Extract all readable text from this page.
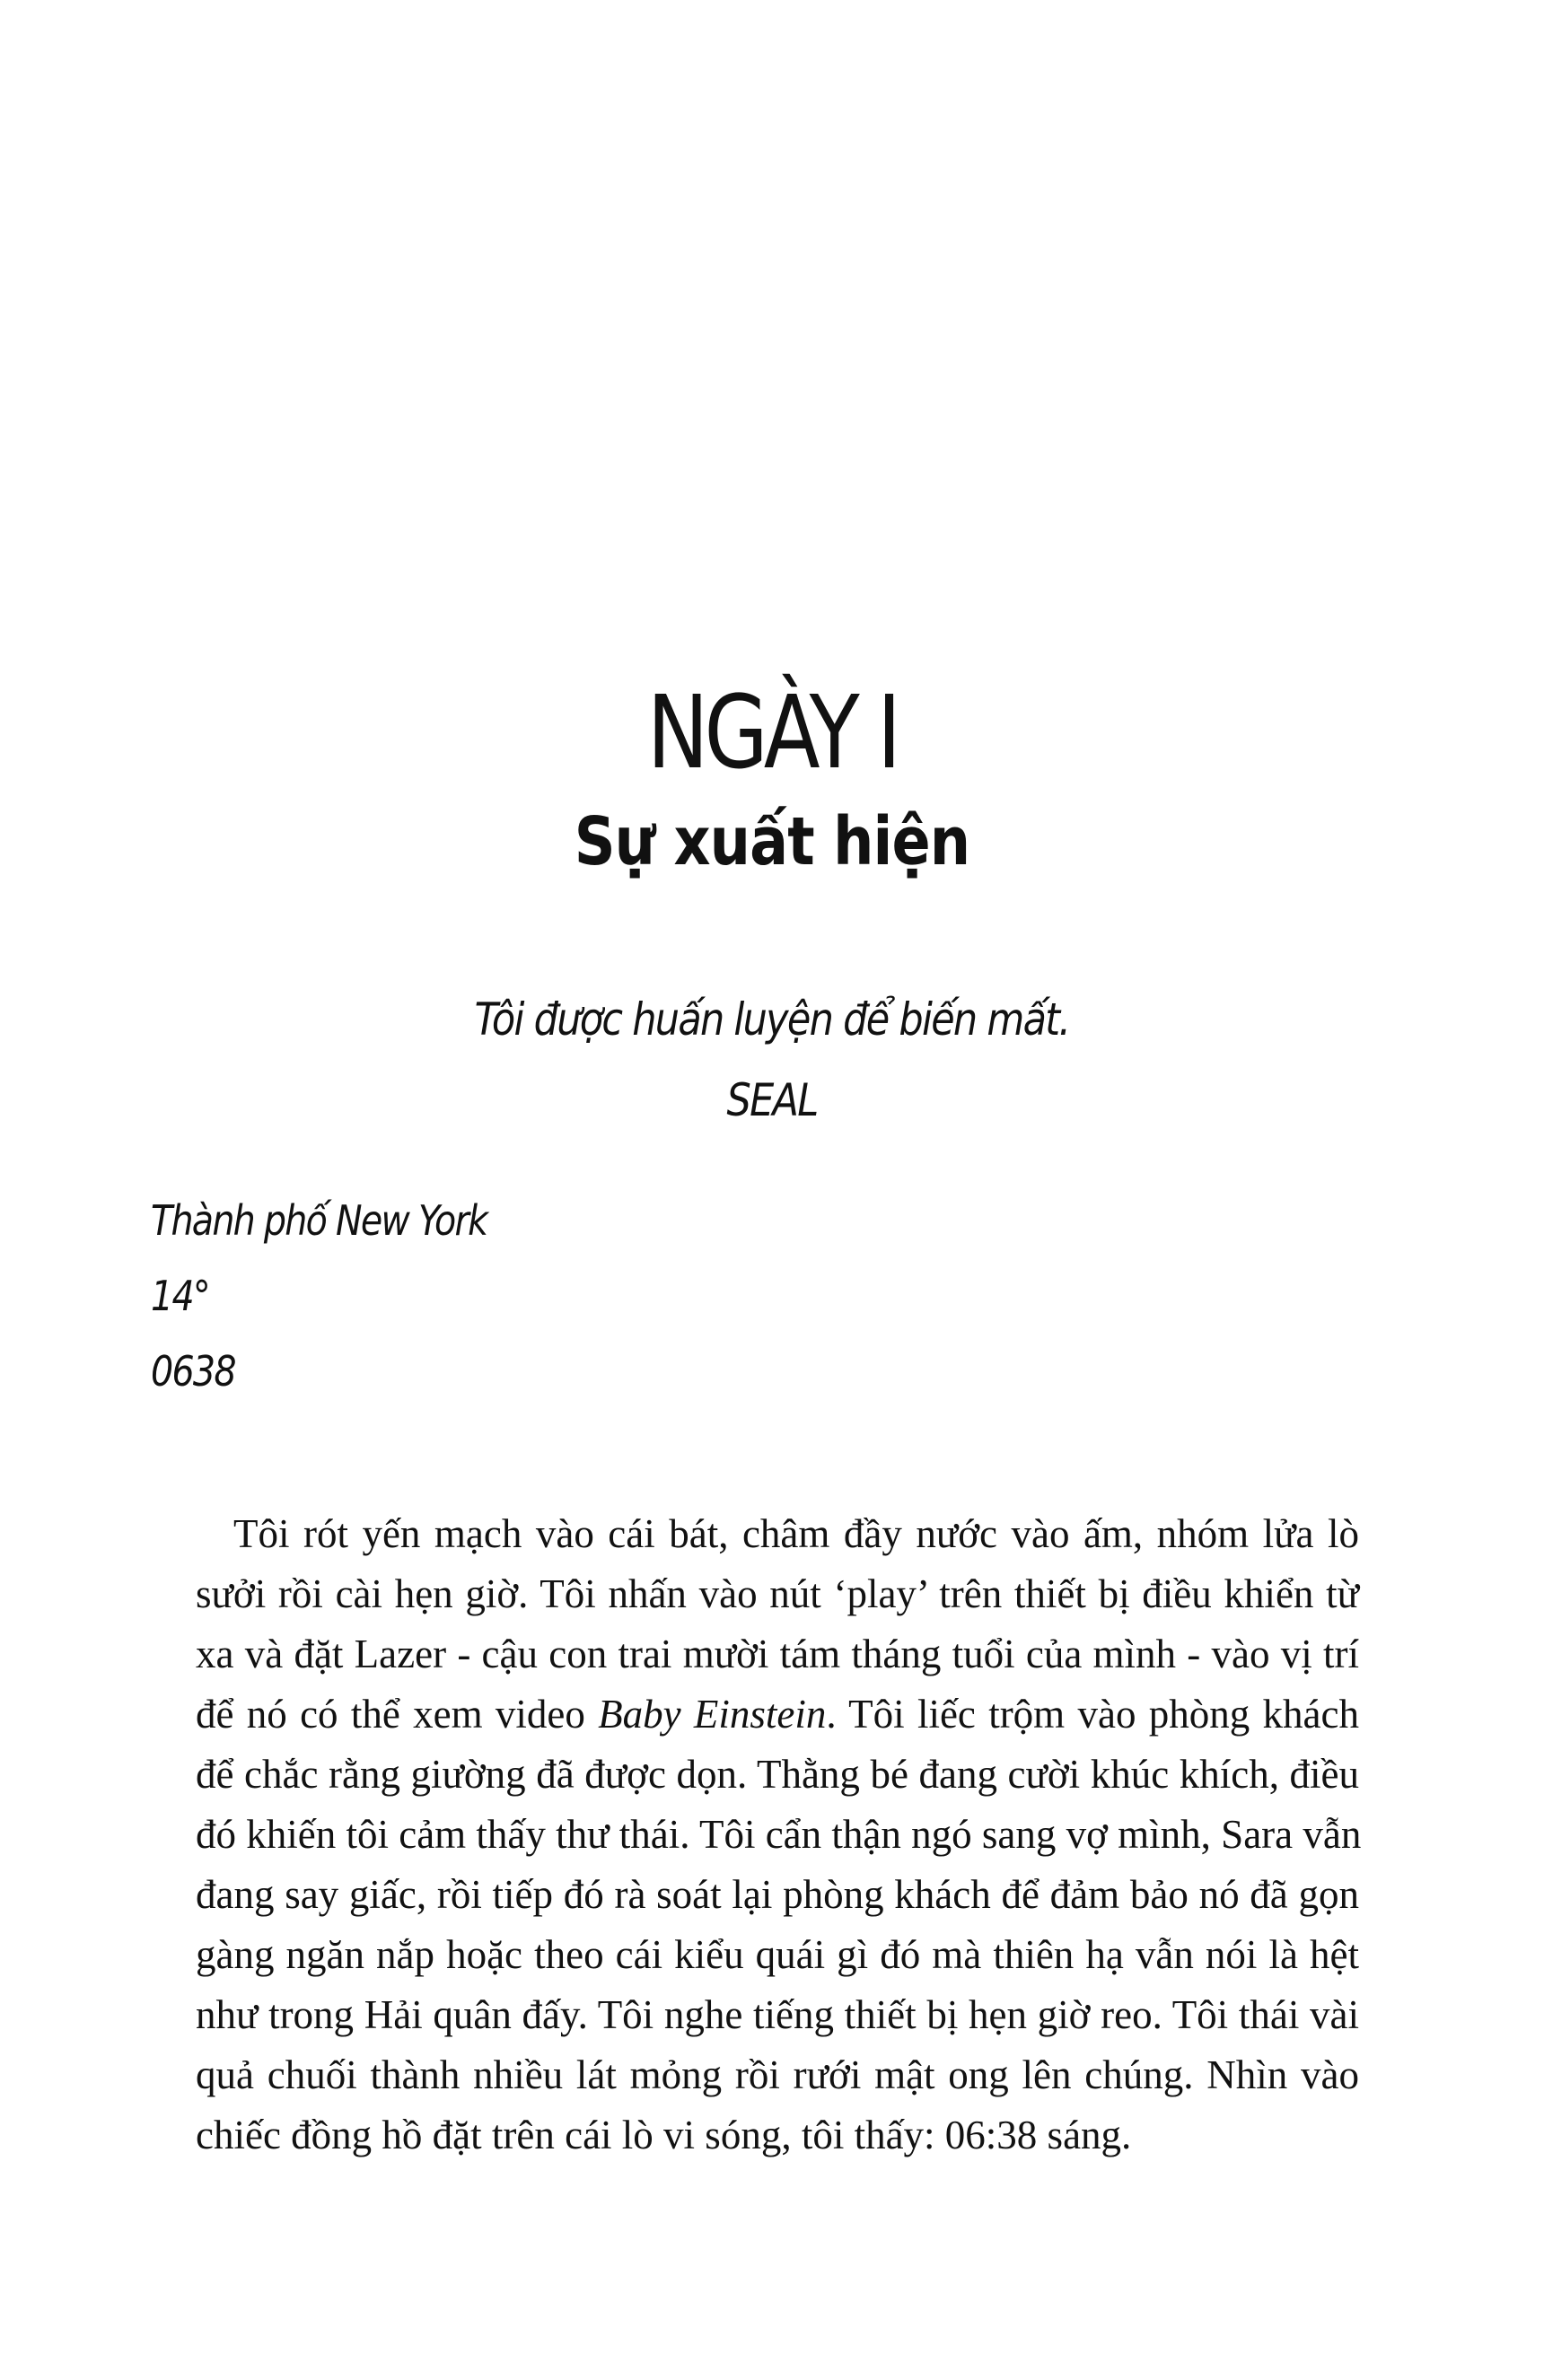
NGÀY I
Sự xuất hiện
Tôi được huấn luyện để biến mất.
SEAL
Thành phố New York
14°
0638
Tôi rót yến mạch vào cái bát, châm đầy nước vào ấm, nhóm lửa lò
sưởi rồi cài hẹn giờ. Tôi nhấn vào nút ‘play’ trên thiết bị điều khiển từ
xa và đặt Lazer - cậu con trai mười tám tháng tuổi của mình - vào vị trí
để nó có thể xem video Baby Einstein. Tôi liếc trộm vào phòng khách
để chắc rằng giường đã được dọn. Thằng bé đang cười khúc khích, điều
đó khiến tôi cảm thấy thư thái. Tôi cẩn thận ngó sang vợ mình, Sara vẫn
đang say giấc, rồi tiếp đó rà soát lại phòng khách để đảm bảo nó đã gọn
gàng ngăn nắp hoặc theo cái kiểu quái gì đó mà thiên hạ vẫn nói là hệt
như trong Hải quân đấy. Tôi nghe tiếng thiết bị hẹn giờ reo. Tôi thái vài
quả chuối thành nhiều lát mỏng rồi rưới mật ong lên chúng. Nhìn vào
chiếc đồng hồ đặt trên cái lò vi sóng, tôi thấy: 06:38 sáng.
